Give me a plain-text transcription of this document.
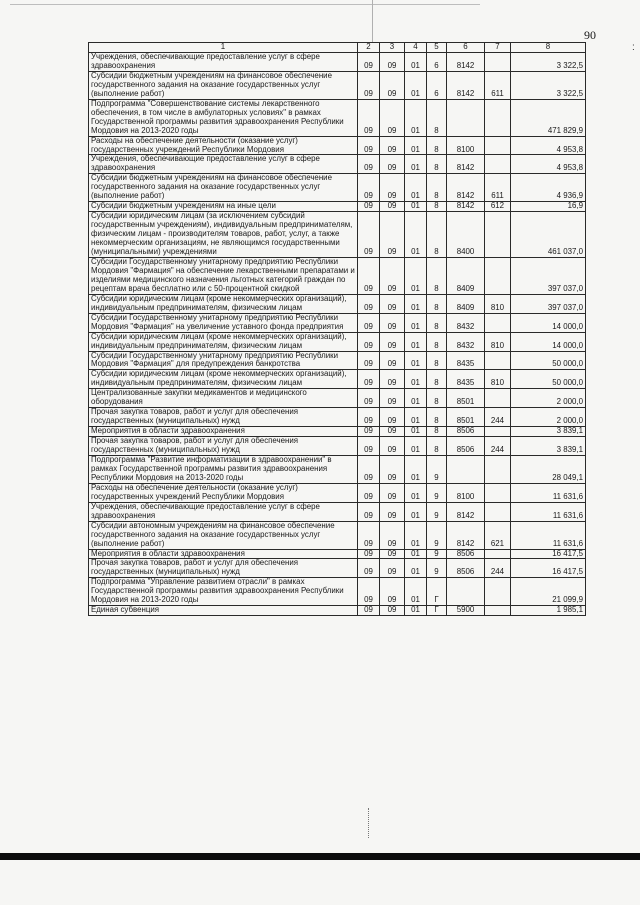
90
:
1	2	3	4	5	6	7	8
Учреждения, обеспечивающие предоставление услуг в сфере здравоохранения	09	09	01	6	8142		3 322,5
Субсидии бюджетным учреждениям на финансовое обеспечение государственного задания на оказание государственных услуг (выполнение работ)	09	09	01	6	8142	611	3 322,5
Подпрограмма "Совершенствование системы лекарственного обеспечения, в том числе в амбулаторных условиях" в рамках Государственной программы развития здравоохранения Республики Мордовия на 2013-2020 годы	09	09	01	8			471 829,9
Расходы на обеспечение деятельности (оказание услуг) государственных учреждений Республики Мордовия	09	09	01	8	8100		4 953,8
Учреждения, обеспечивающие предоставление услуг в сфере здравоохранения	09	09	01	8	8142		4 953,8
Субсидии бюджетным учреждениям на финансовое обеспечение государственного задания на оказание государственных услуг (выполнение работ)	09	09	01	8	8142	611	4 936,9
Субсидии бюджетным учреждениям на иные цели	09	09	01	8	8142	612	16,9
Субсидии юридическим лицам (за исключением субсидий государственным учреждениям), индивидуальным предпринимателям, физическим лицам - производителям товаров, работ, услуг, а также некоммерческим организациям, не являющимся государственными (муниципальными) учреждениями	09	09	01	8	8400		461 037,0
Субсидии Государственному унитарному предприятию Республики Мордовия "Фармация" на обеспечение лекарственными препаратами и изделиями медицинского назначения льготных категорий граждан по рецептам врача бесплатно или с 50-процентной скидкой	09	09	01	8	8409		397 037,0
Субсидии юридическим лицам (кроме некоммерческих организаций), индивидуальным предпринимателям, физическим лицам	09	09	01	8	8409	810	397 037,0
Субсидии Государственному унитарному предприятию Республики Мордовия "Фармация" на увеличение уставного фонда предприятия	09	09	01	8	8432		14 000,0
Субсидии юридическим лицам (кроме некоммерческих организаций), индивидуальным предпринимателям, физическим лицам	09	09	01	8	8432	810	14 000,0
Субсидии Государственному унитарному предприятию Республики Мордовия "Фармация" для предупреждения банкротства	09	09	01	8	8435		50 000,0
Субсидии юридическим лицам (кроме некоммерческих организаций), индивидуальным предпринимателям, физическим лицам	09	09	01	8	8435	810	50 000,0
Централизованные закупки медикаментов и медицинского оборудования	09	09	01	8	8501		2 000,0
Прочая закупка товаров, работ и услуг для обеспечения государственных (муниципальных) нужд	09	09	01	8	8501	244	2 000,0
Мероприятия в области здравоохранения	09	09	01	8	8506		3 839,1
Прочая закупка товаров, работ и услуг для обеспечения государственных (муниципальных) нужд	09	09	01	8	8506	244	3 839,1
Подпрограмма "Развитие информатизации в здравоохранении" в рамках Государственной программы развития здравоохранения Республики Мордовия на 2013-2020 годы	09	09	01	9			28 049,1
Расходы на обеспечение деятельности (оказание услуг) государственных учреждений Республики Мордовия	09	09	01	9	8100		11 631,6
Учреждения, обеспечивающие предоставление услуг в сфере здравоохранения	09	09	01	9	8142		11 631,6
Субсидии автономным учреждениям на финансовое обеспечение государственного задания на оказание государственных услуг (выполнение работ)	09	09	01	9	8142	621	11 631,6
Мероприятия в области здравоохранения	09	09	01	9	8506		16 417,5
Прочая закупка товаров, работ и услуг для обеспечения государственных (муниципальных) нужд	09	09	01	9	8506	244	16 417,5
Подпрограмма "Управление развитием отрасли" в рамках Государственной программы развития здравоохранения Республики Мордовия на 2013-2020 годы	09	09	01	Г			21 099,9
Единая субвенция	09	09	01	Г	5900		1 985,1
